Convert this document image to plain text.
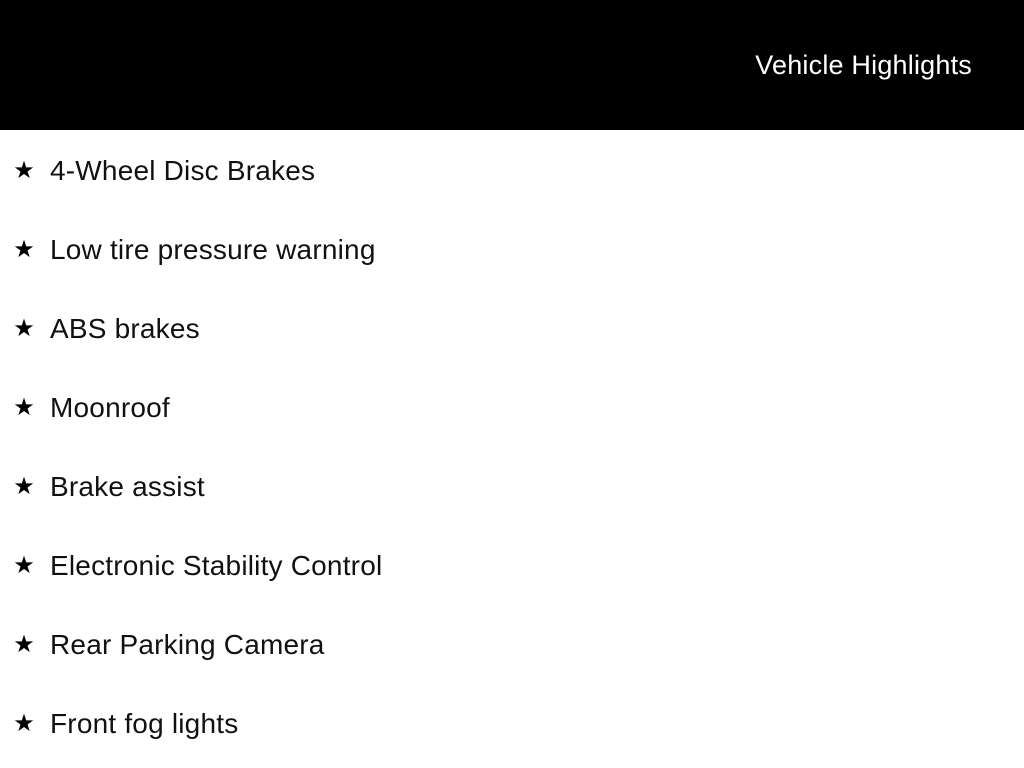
Vehicle Highlights
★ 4-Wheel Disc Brakes
★ Low tire pressure warning
★ ABS brakes
★ Moonroof
★ Brake assist
★ Electronic Stability Control
★ Rear Parking Camera
★ Front fog lights
